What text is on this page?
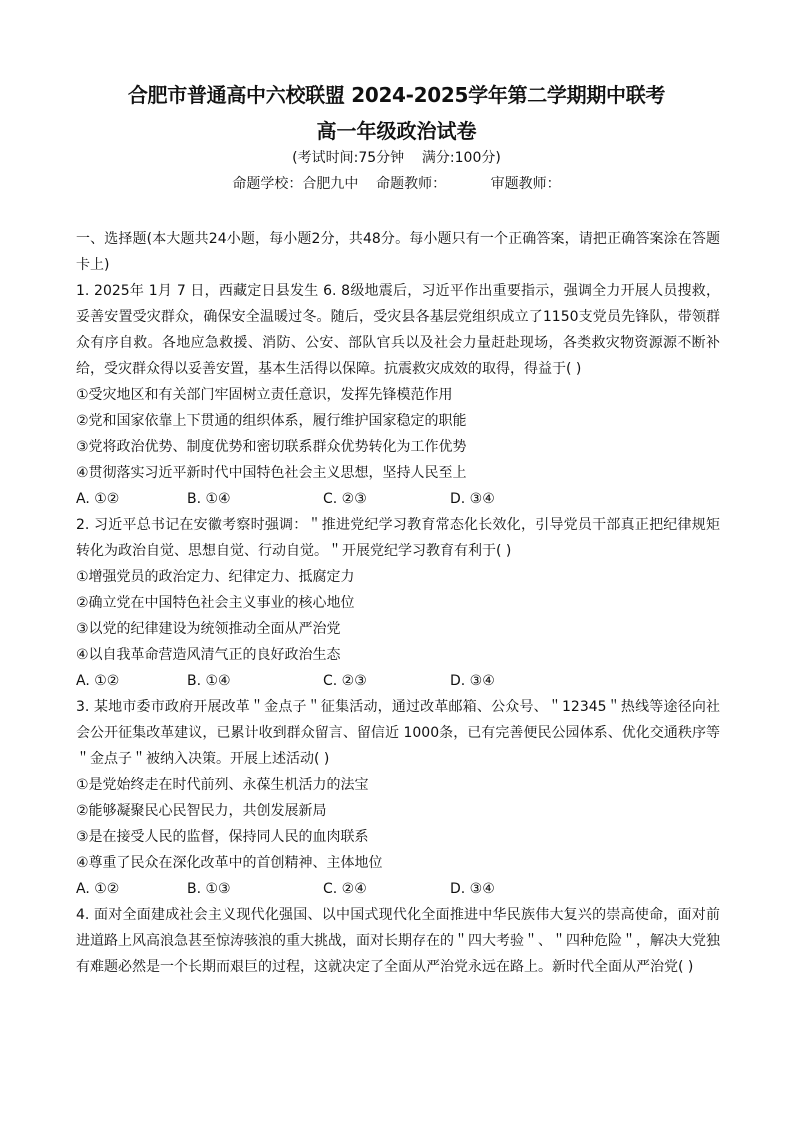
合肥市普通高中六校联盟 2024-2025学年第二学期期中联考
高一年级政治试卷
(考试时间:75分钟    满分:100分)
命题学校：合肥九中    命题教师：          审题教师：

一、选择题(本大题共24小题，每小题2分，共48分。每小题只有一个正确答案，请把正确答案涂在答题卡上)

1. 2025年 1月 7 日，西藏定日县发生 6. 8级地震后，习近平作出重要指示，强调全力开展人员搜救，妥善安置受灾群众，确保安全温暖过冬。随后，受灾县各基层党组织成立了1150支党员先锋队，带领群众有序自救。各地应急救援、消防、公安、部队官兵以及社会力量赶赴现场，各类救灾物资源源不断补给，受灾群众得以妥善安置，基本生活得以保障。抗震救灾成效的取得，得益于( )

①受灾地区和有关部门牢固树立责任意识，发挥先锋模范作用
②党和国家依靠上下贯通的组织体系，履行维护国家稳定的职能
③党将政治优势、制度优势和密切联系群众优势转化为工作优势
④贯彻落实习近平新时代中国特色社会主义思想，坚持人民至上
A. ①②	B. ①④	C. ②③	D. ③④

2. 习近平总书记在安徽考察时强调：＂推进党纪学习教育常态化长效化，引导党员干部真正把纪律规矩转化为政治自觉、思想自觉、行动自觉。＂开展党纪学习教育有利于( )

①增强党员的政治定力、纪律定力、抵腐定力
②确立党在中国特色社会主义事业的核心地位
③以党的纪律建设为统领推动全面从严治党
④以自我革命营造风清气正的良好政治生态
A. ①②	B. ①④	C. ②③	D. ③④

3. 某地市委市政府开展改革＂金点子＂征集活动，通过改革邮箱、公众号、＂12345＂热线等途径向社会公开征集改革建议，已累计收到群众留言、留信近 1000条，已有完善便民公园体系、优化交通秩序等＂金点子＂被纳入决策。开展上述活动( )

①是党始终走在时代前列、永葆生机活力的法宝
②能够凝聚民心民智民力，共创发展新局
③是在接受人民的监督，保持同人民的血肉联系
④尊重了民众在深化改革中的首创精神、主体地位
A. ①②	B. ①③	C. ②④	D. ③④

4. 面对全面建成社会主义现代化强国、以中国式现代化全面推进中华民族伟大复兴的崇高使命，面对前进道路上风高浪急甚至惊涛骇浪的重大挑战，面对长期存在的＂四大考验＂、＂四种危险＂，解决大党独有难题必然是一个长期而艰巨的过程，这就决定了全面从严治党永远在路上。新时代全面从严治党( )
